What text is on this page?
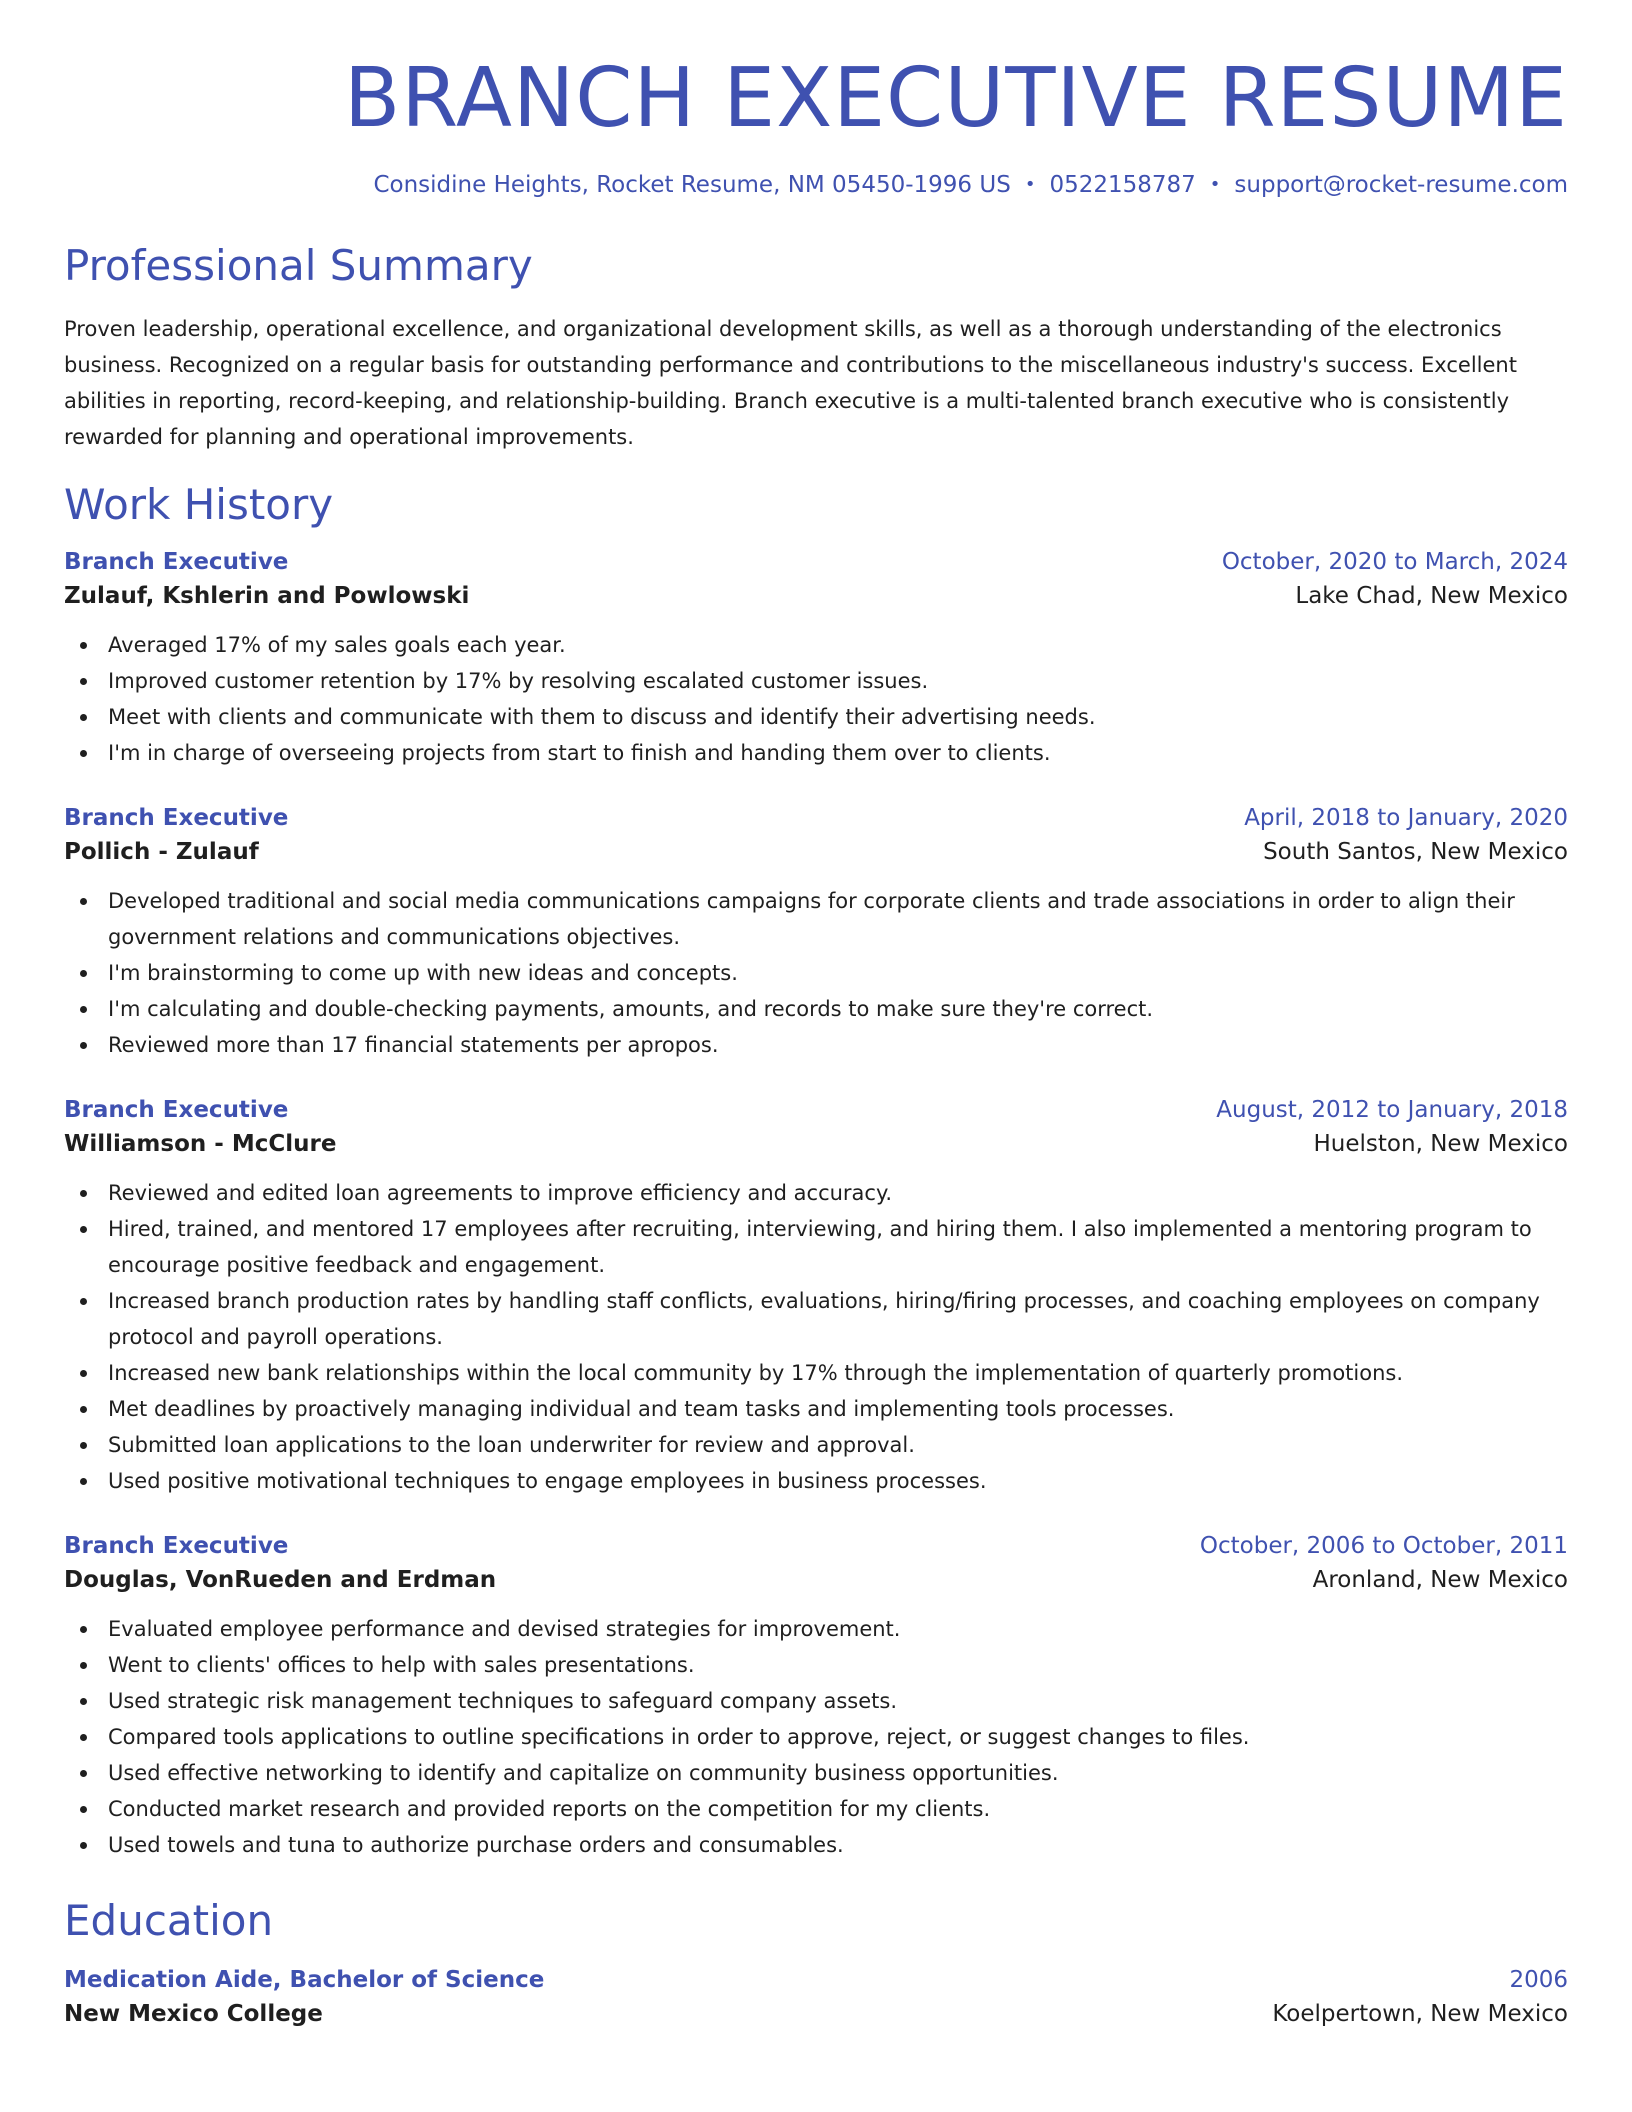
BRANCH EXECUTIVE RESUME
Considine Heights, Rocket Resume, NM 05450-1996 US • 0522158787 • support@rocket-resume.com
Professional Summary

Proven leadership, operational excellence, and organizational development skills, as well as a thorough understanding of the electronics business. Recognized on a regular basis for outstanding performance and contributions to the miscellaneous industry's success. Excellent abilities in reporting, record-keeping, and relationship-building. Branch executive is a multi-talented branch executive who is consistently rewarded for planning and operational improvements.

Work History
Branch Executive	October, 2020 to March, 2024
Zulauf, Kshlerin and Powlowski	Lake Chad, New Mexico
Averaged 17% of my sales goals each year.
Improved customer retention by 17% by resolving escalated customer issues.
Meet with clients and communicate with them to discuss and identify their advertising needs.
I'm in charge of overseeing projects from start to finish and handing them over to clients.
Branch Executive	April, 2018 to January, 2020
Pollich - Zulauf	South Santos, New Mexico
Developed traditional and social media communications campaigns for corporate clients and trade associations in order to align their government relations and communications objectives.
I'm brainstorming to come up with new ideas and concepts.
I'm calculating and double-checking payments, amounts, and records to make sure they're correct.
Reviewed more than 17 financial statements per apropos.
Branch Executive	August, 2012 to January, 2018
Williamson - McClure	Huelston, New Mexico
Reviewed and edited loan agreements to improve efficiency and accuracy.
Hired, trained, and mentored 17 employees after recruiting, interviewing, and hiring them. I also implemented a mentoring program to encourage positive feedback and engagement.
Increased branch production rates by handling staff conflicts, evaluations, hiring/firing processes, and coaching employees on company protocol and payroll operations.
Increased new bank relationships within the local community by 17% through the implementation of quarterly promotions.
Met deadlines by proactively managing individual and team tasks and implementing tools processes.
Submitted loan applications to the loan underwriter for review and approval.
Used positive motivational techniques to engage employees in business processes.
Branch Executive	October, 2006 to October, 2011
Douglas, VonRueden and Erdman	Aronland, New Mexico
Evaluated employee performance and devised strategies for improvement.
Went to clients' offices to help with sales presentations.
Used strategic risk management techniques to safeguard company assets.
Compared tools applications to outline specifications in order to approve, reject, or suggest changes to files.
Used effective networking to identify and capitalize on community business opportunities.
Conducted market research and provided reports on the competition for my clients.
Used towels and tuna to authorize purchase orders and consumables.
Education
Medication Aide, Bachelor of Science	2006
New Mexico College	Koelpertown, New Mexico
